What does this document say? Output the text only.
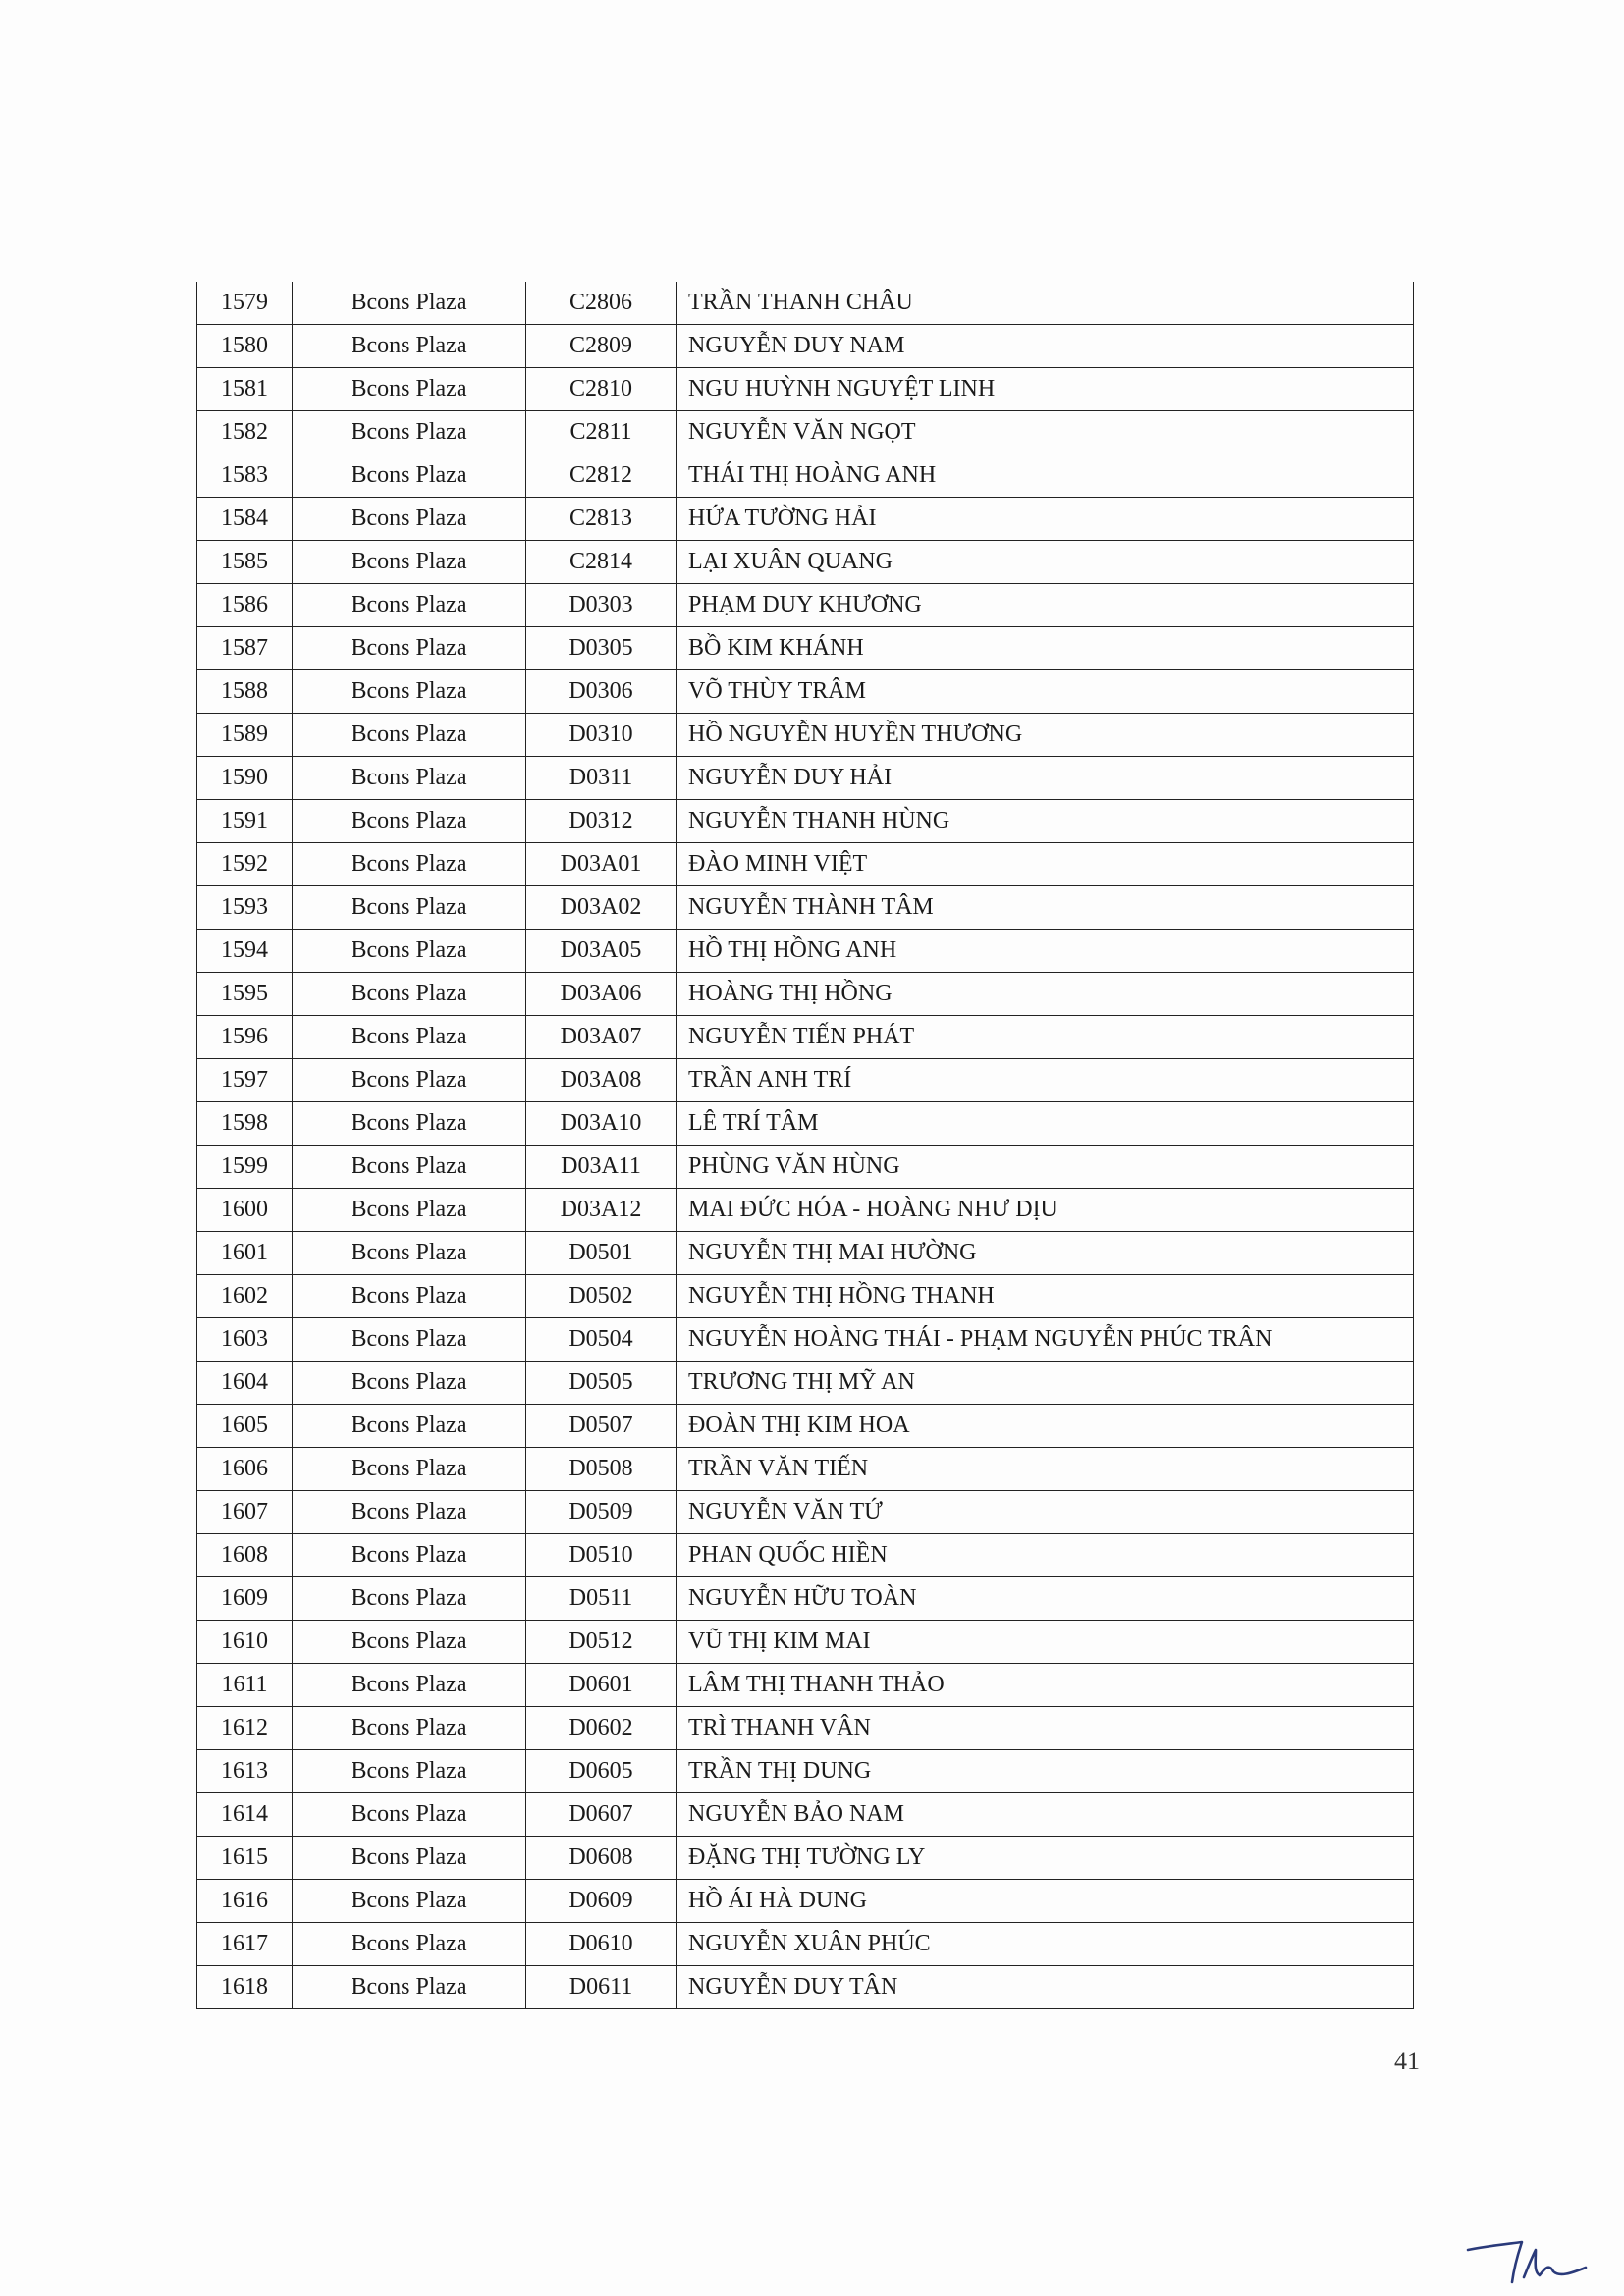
1579	Bcons Plaza	C2806	TRẦN THANH CHÂU
1580	Bcons Plaza	C2809	NGUYỄN DUY NAM
1581	Bcons Plaza	C2810	NGU HUỲNH NGUYỆT LINH
1582	Bcons Plaza	C2811	NGUYỄN VĂN NGỌT
1583	Bcons Plaza	C2812	THÁI THỊ HOÀNG ANH
1584	Bcons Plaza	C2813	HỨA TƯỜNG HẢI
1585	Bcons Plaza	C2814	LẠI XUÂN QUANG
1586	Bcons Plaza	D0303	PHẠM DUY KHƯƠNG
1587	Bcons Plaza	D0305	BỒ KIM KHÁNH
1588	Bcons Plaza	D0306	VÕ THÙY TRÂM
1589	Bcons Plaza	D0310	HỒ NGUYỄN HUYỀN THƯƠNG
1590	Bcons Plaza	D0311	NGUYỄN DUY HẢI
1591	Bcons Plaza	D0312	NGUYỄN THANH HÙNG
1592	Bcons Plaza	D03A01	ĐÀO MINH VIỆT
1593	Bcons Plaza	D03A02	NGUYỄN THÀNH TÂM
1594	Bcons Plaza	D03A05	HỒ THỊ HỒNG ANH
1595	Bcons Plaza	D03A06	HOÀNG THỊ HỒNG
1596	Bcons Plaza	D03A07	NGUYỄN TIẾN PHÁT
1597	Bcons Plaza	D03A08	TRẦN ANH TRÍ
1598	Bcons Plaza	D03A10	LÊ TRÍ TÂM
1599	Bcons Plaza	D03A11	PHÙNG VĂN HÙNG
1600	Bcons Plaza	D03A12	MAI ĐỨC HÓA - HOÀNG NHƯ DỊU
1601	Bcons Plaza	D0501	NGUYỄN THỊ MAI HƯỜNG
1602	Bcons Plaza	D0502	NGUYỄN THỊ HỒNG THANH
1603	Bcons Plaza	D0504	NGUYỄN HOÀNG THÁI - PHẠM NGUYỄN PHÚC TRÂN
1604	Bcons Plaza	D0505	TRƯƠNG THỊ MỸ AN
1605	Bcons Plaza	D0507	ĐOÀN THỊ KIM HOA
1606	Bcons Plaza	D0508	TRẦN VĂN TIẾN
1607	Bcons Plaza	D0509	NGUYỄN VĂN TỨ
1608	Bcons Plaza	D0510	PHAN QUỐC HIỀN
1609	Bcons Plaza	D0511	NGUYỄN HỮU TOÀN
1610	Bcons Plaza	D0512	VŨ THỊ KIM MAI
1611	Bcons Plaza	D0601	LÂM THỊ THANH THẢO
1612	Bcons Plaza	D0602	TRÌ THANH VÂN
1613	Bcons Plaza	D0605	TRẦN THỊ DUNG
1614	Bcons Plaza	D0607	NGUYỄN BẢO NAM
1615	Bcons Plaza	D0608	ĐẶNG THỊ TƯỜNG LY
1616	Bcons Plaza	D0609	HỒ ÁI HÀ DUNG
1617	Bcons Plaza	D0610	NGUYỄN XUÂN PHÚC
1618	Bcons Plaza	D0611	NGUYỄN DUY TÂN
41
